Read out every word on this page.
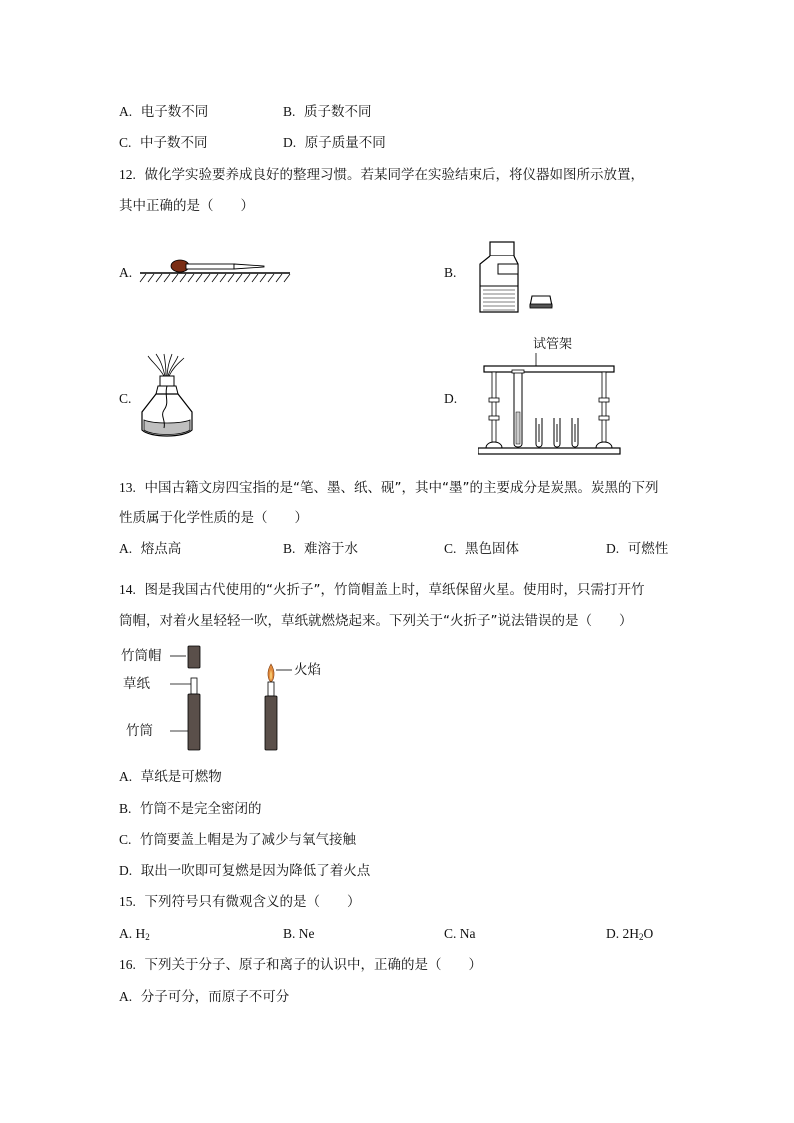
A. 电子数不同	B. 质子数不同
C. 中子数不同	D. 原子质量不同
12. 做化学实验要养成良好的整理习惯。若某同学在实验结束后，将仪器如图所示放置，
其中正确的是（　　）
A.	B.
C.	D.
试管架
13. 中国古籍文房四宝指的是“笔、墨、纸、砚”，其中“墨”的主要成分是炭黑。炭黑的下列
性质属于化学性质的是（　　）
A. 熔点高	B. 难溶于水	C. 黑色固体	D. 可燃性
14. 图是我国古代使用的“火折子”，竹筒帽盖上时，草纸保留火星。使用时，只需打开竹
筒帽，对着火星轻轻一吹，草纸就燃烧起来。下列关于“火折子”说法错误的是（　　）
竹筒帽
草纸
竹筒
火焰
A. 草纸是可燃物
B. 竹筒不是完全密闭的
C. 竹筒要盖上帽是为了减少与氧气接触
D. 取出一吹即可复燃是因为降低了着火点
15. 下列符号只有微观含义的是（　　）
A. $H_2$	B. Ne	C. Na	D. $2H_2O$
16. 下列关于分子、原子和离子的认识中，正确的是（　　）
A. 分子可分，而原子不可分
